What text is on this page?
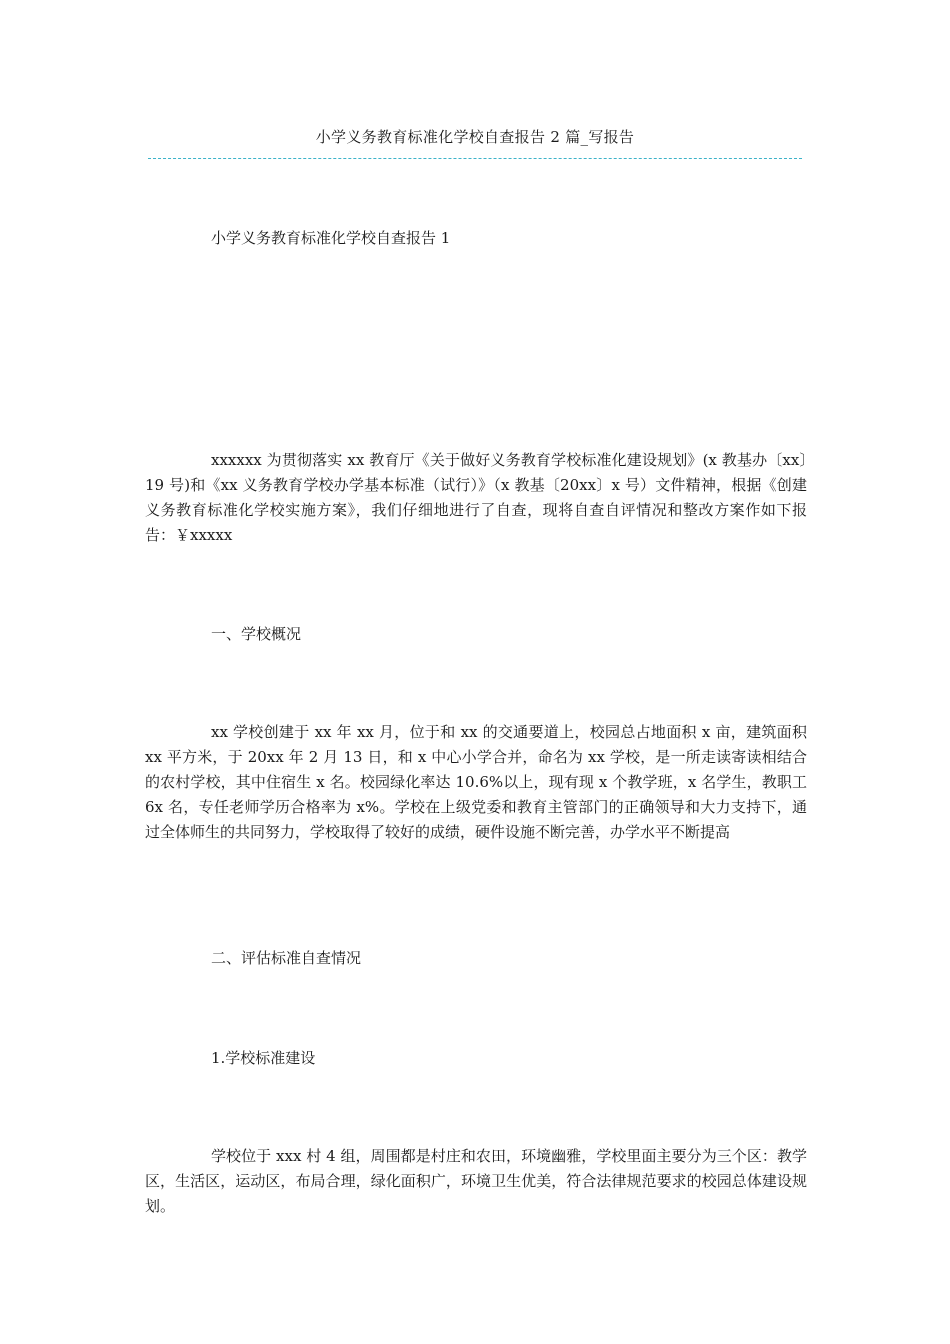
小学义务教育标准化学校自查报告 2 篇_写报告

小学义务教育标准化学校自查报告 1

xxxxxx 为贯彻落实 xx 教育厅《关于做好义务教育学校标准化建设规划》(x 教基办〔xx〕19 号)和《xx 义务教育学校办学基本标准（试行）》（x 教基〔20xx〕x 号）文件精神，根据《创建义务教育标准化学校实施方案》，我们仔细地进行了自查，现将自查自评情况和整改方案作如下报告：￥xxxxx

一、学校概况

xx 学校创建于 xx 年 xx 月，位于和 xx 的交通要道上，校园总占地面积 x 亩，建筑面积 xx 平方米，于 20xx 年 2 月 13 日，和 x 中心小学合并，命名为 xx 学校，是一所走读寄读相结合的农村学校，其中住宿生 x 名。校园绿化率达 10.6%以上，现有现 x 个教学班，x 名学生，教职工 6x 名，专任老师学历合格率为 x%。学校在上级党委和教育主管部门的正确领导和大力支持下，通过全体师生的共同努力，学校取得了较好的成绩，硬件设施不断完善，办学水平不断提高

二、评估标准自查情况

1.学校标准建设

学校位于 xxx 村 4 组，周围都是村庄和农田，环境幽雅，学校里面主要分为三个区：教学区，生活区，运动区，布局合理，绿化面积广，环境卫生优美，符合法律规范要求的校园总体建设规划。
